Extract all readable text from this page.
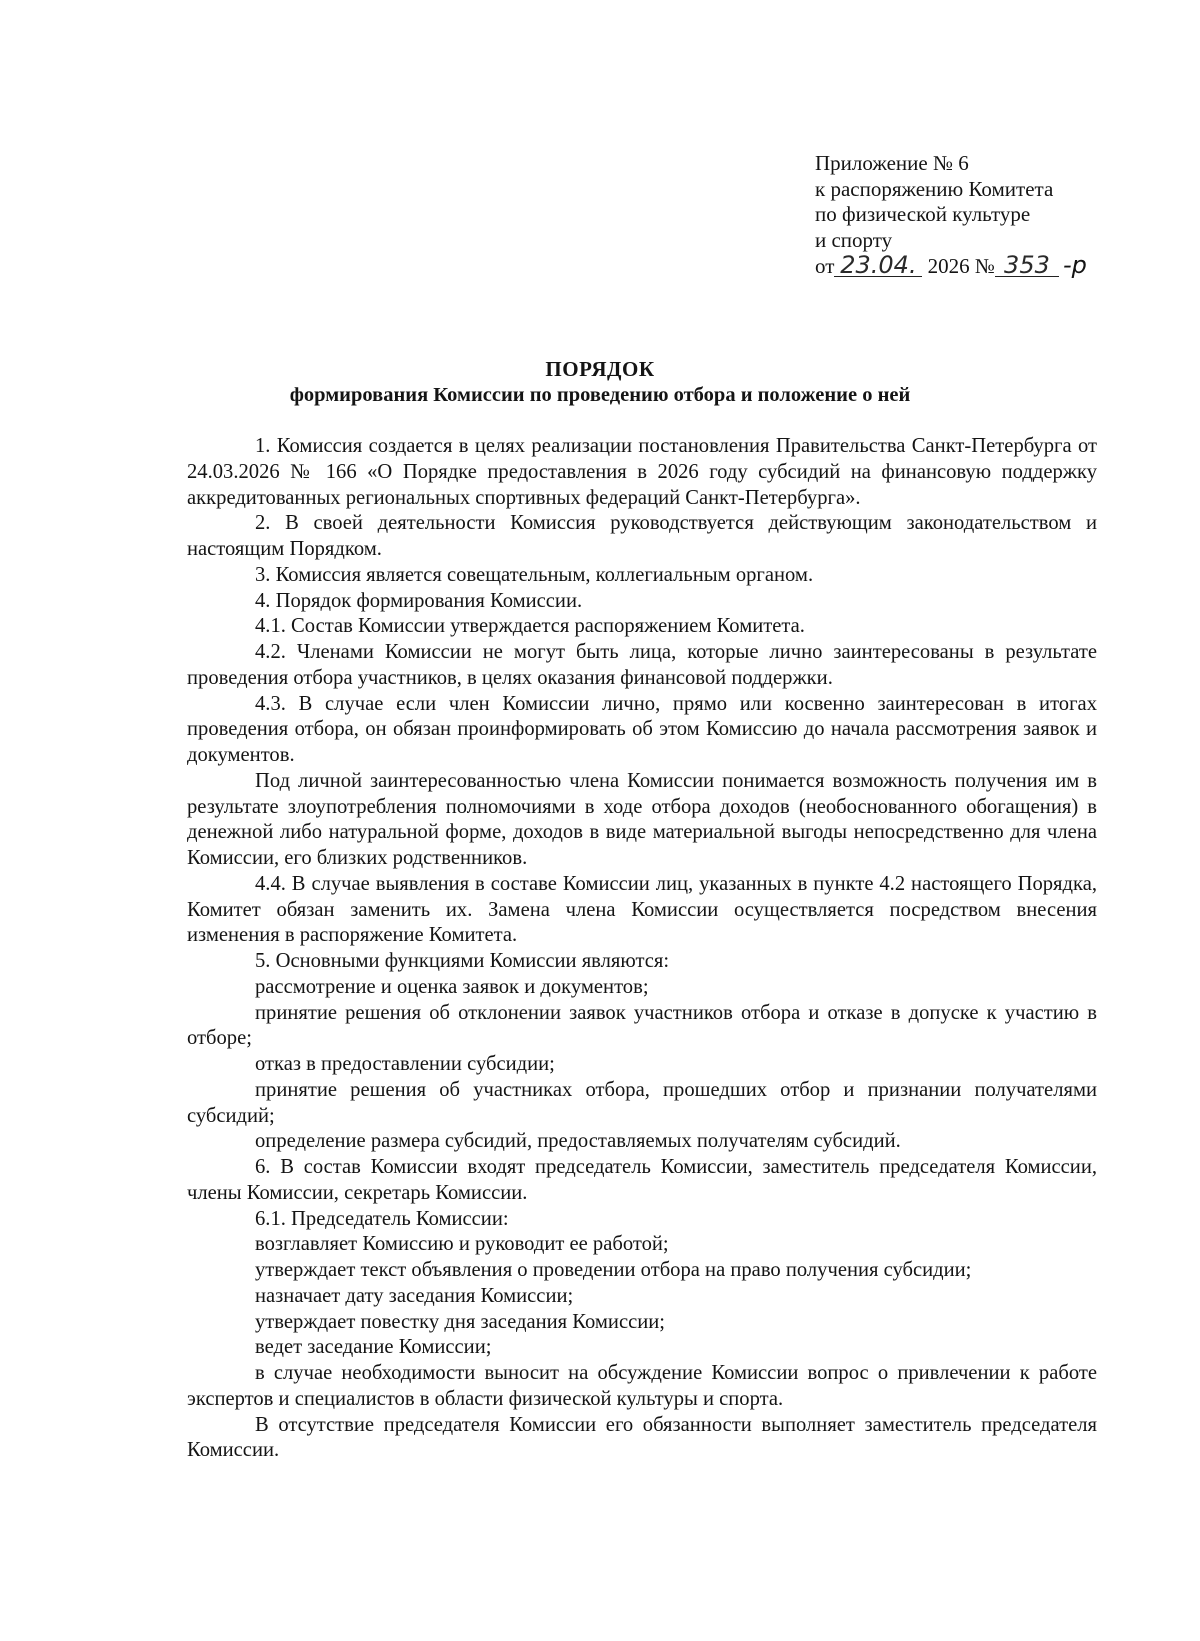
Приложение № 6
к распоряжению Комитета
по физической культуре
и спорту
от 23.04. 2026 № 353 -р
ПОРЯДОК
формирования Комиссии по проведению отбора и положение о ней

1. Комиссия создается в целях реализации постановления Правительства Санкт-Петербурга от 24.03.2026 № 166 «О Порядке предоставления в 2026 году субсидий на финансовую поддержку аккредитованных региональных спортивных федераций Санкт-Петербурга».

2. В своей деятельности Комиссия руководствуется действующим законодательством и настоящим Порядком.

3. Комиссия является совещательным, коллегиальным органом.

4. Порядок формирования Комиссии.

4.1. Состав Комиссии утверждается распоряжением Комитета.

4.2. Членами Комиссии не могут быть лица, которые лично заинтересованы в результате проведения отбора участников, в целях оказания финансовой поддержки.

4.3. В случае если член Комиссии лично, прямо или косвенно заинтересован в итогах проведения отбора, он обязан проинформировать об этом Комиссию до начала рассмотрения заявок и документов.

Под личной заинтересованностью члена Комиссии понимается возможность получения им в результате злоупотребления полномочиями в ходе отбора доходов (необоснованного обогащения) в денежной либо натуральной форме, доходов в виде материальной выгоды непосредственно для члена Комиссии, его близких родственников.

4.4. В случае выявления в составе Комиссии лиц, указанных в пункте 4.2 настоящего Порядка, Комитет обязан заменить их. Замена члена Комиссии осуществляется посредством внесения изменения в распоряжение Комитета.

5. Основными функциями Комиссии являются:

рассмотрение и оценка заявок и документов;

принятие решения об отклонении заявок участников отбора и отказе в допуске к участию в отборе;

отказ в предоставлении субсидии;

принятие решения об участниках отбора, прошедших отбор и признании получателями субсидий;

определение размера субсидий, предоставляемых получателям субсидий.

6. В состав Комиссии входят председатель Комиссии, заместитель председателя Комиссии, члены Комиссии, секретарь Комиссии.

6.1. Председатель Комиссии:

возглавляет Комиссию и руководит ее работой;

утверждает текст объявления о проведении отбора на право получения субсидии;

назначает дату заседания Комиссии;

утверждает повестку дня заседания Комиссии;

ведет заседание Комиссии;

в случае необходимости выносит на обсуждение Комиссии вопрос о привлечении к работе экспертов и специалистов в области физической культуры и спорта.

В отсутствие председателя Комиссии его обязанности выполняет заместитель председателя Комиссии.
